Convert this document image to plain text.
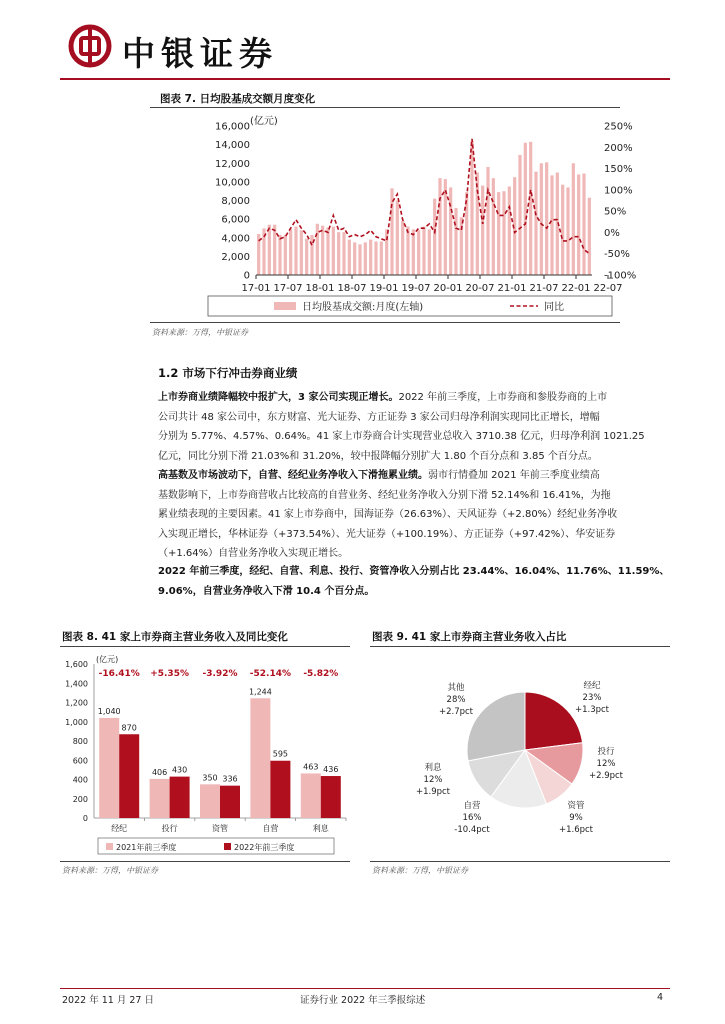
中银证券
图表 7. 日均股基成交额月度变化
(亿元)
0
2,000
4,000
6,000
8,000
10,000
12,000
14,000
16,000
-100%
-50%
0%
50%
100%
150%
200%
250%
17-01 17-07 18-01 18-07 19-01 19-07 20-01 20-07 21-01 21-07 22-01 22-07
日均股基成交额:月度(左轴)	同比
资料来源：万得，中银证券
1.2 市场下行冲击券商业绩
上市券商业绩降幅较中报扩大，3 家公司实现正增长。2022 年前三季度，上市券商和参股券商的上市
公司共计 48 家公司中，东方财富、光大证券、方正证券 3 家公司归母净利润实现同比正增长，增幅
分别为 5.77%、4.57%、0.64%。41 家上市券商合计实现营业总收入 3710.38 亿元，归母净利润 1021.25
亿元，同比分别下滑 21.03%和 31.20%，较中报降幅分别扩大 1.80 个百分点和 3.85 个百分点。
高基数及市场波动下，自营、经纪业务净收入下滑拖累业绩。弱市行情叠加 2021 年前三季度业绩高
基数影响下，上市券商营收占比较高的自营业务、经纪业务净收入分别下滑 52.14%和 16.41%，为拖
累业绩表现的主要因素。41 家上市券商中，国海证券（26.63%）、天风证券（+2.80%）经纪业务净收
入实现正增长，华林证券（+373.54%）、光大证券（+100.19%）、方正证券（+97.42%）、华安证券
（+1.64%）自营业务净收入实现正增长。
2022 年前三季度，经纪、自营、利息、投行、资管净收入分别占比 23.44%、16.04%、11.76%、11.59%、
9.06%，自营业务净收入下滑 10.4 个百分点。
图表 8. 41 家上市券商主营业务收入及同比变化
(亿元)
0
200
400
600
800
1,000
1,200
1,400
1,600
1,040
870
-16.41%
经纪
406 430
+5.35%
投行
350 336
-3.92%
资管
1,244
595
-52.14%
自营
463 436
-5.82%
利息
2021年前三季度	2022年前三季度
资料来源：万得，中银证券
图表 9. 41 家上市券商主营业务收入占比
经纪
23%
+1.3pct
投行
12%
+2.9pct
资管
9%
+1.6pct
自营
16%
-10.4pct
利息
12%
+1.9pct
其他
28%
+2.7pct
资料来源：万得，中银证券
2022 年 11 月 27 日	证券行业 2022 年三季报综述	4
